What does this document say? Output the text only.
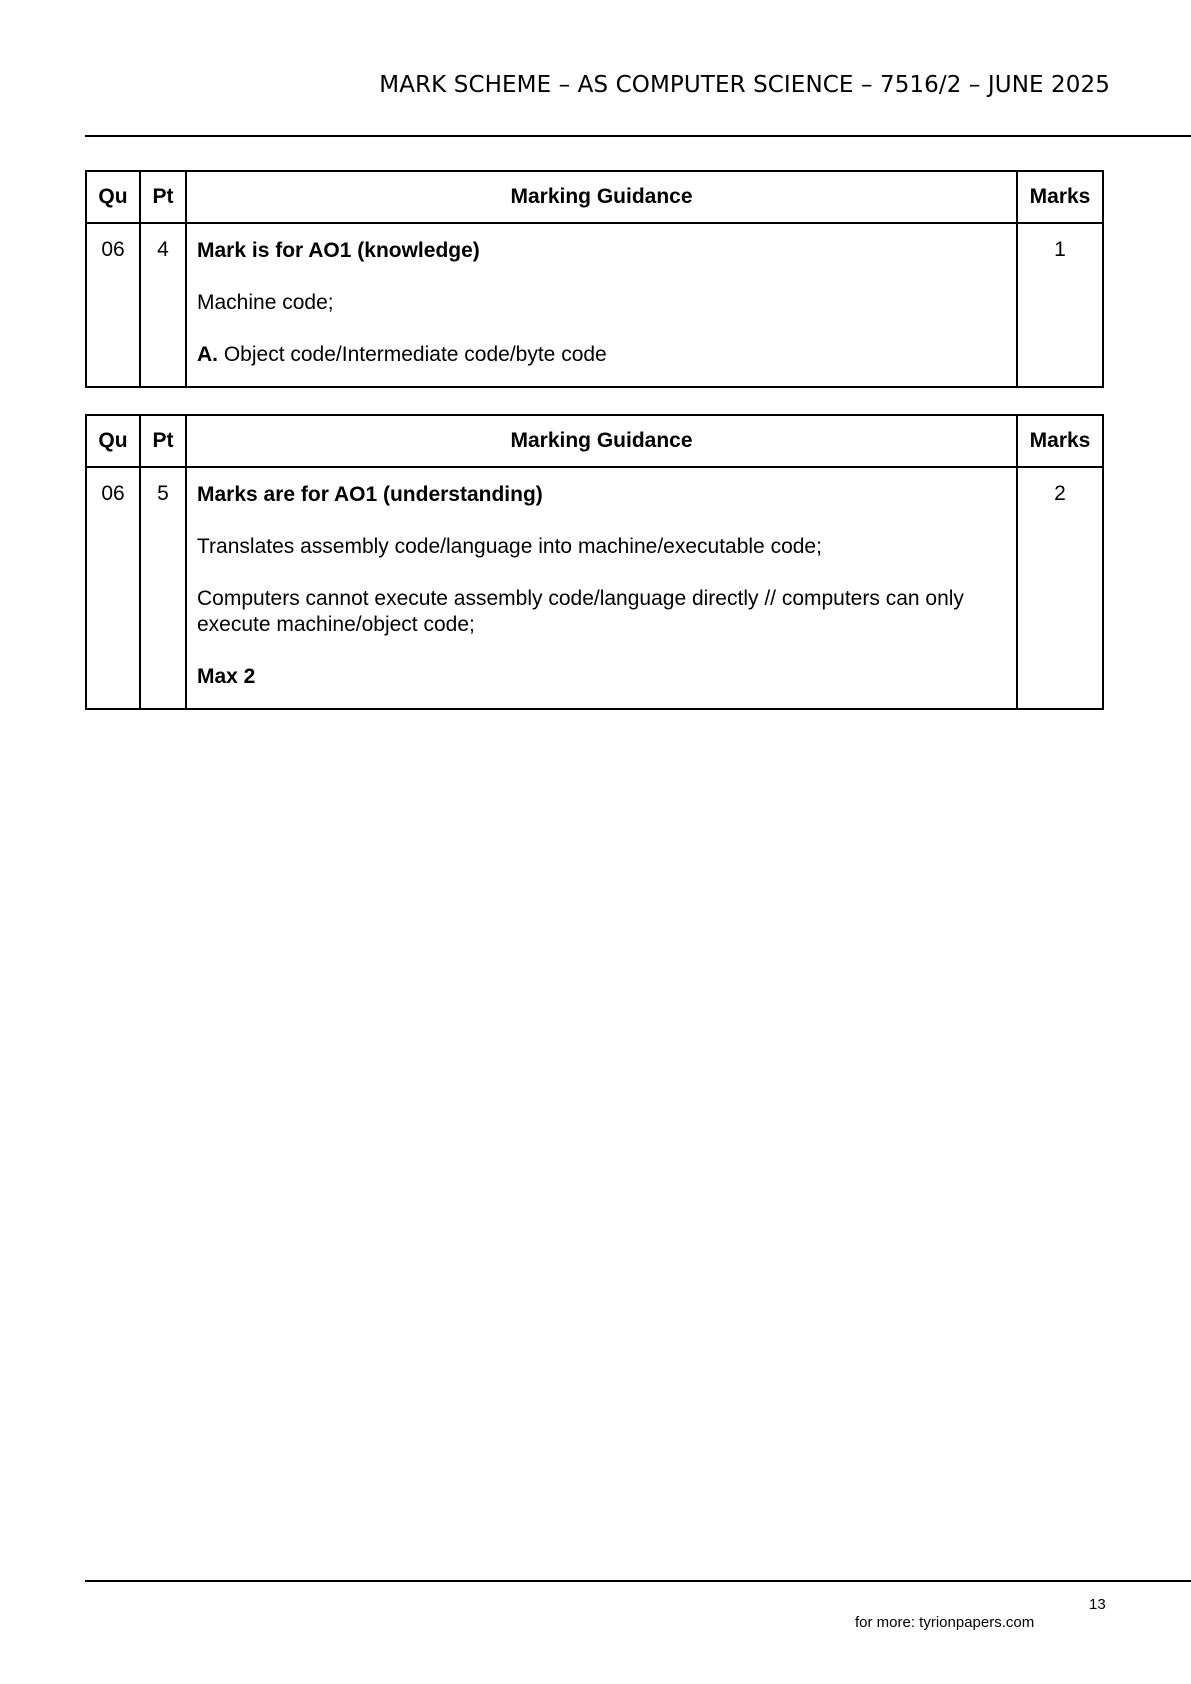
MARK SCHEME – AS COMPUTER SCIENCE – 7516/2 – JUNE 2025
Qu	Pt	Marking Guidance	Marks
06	4	Mark is for AO1 (knowledge)

Machine code;

A. Object code/Intermediate code/byte code	1
Qu	Pt	Marking Guidance	Marks
06	5	Marks are for AO1 (understanding)

Translates assembly code/language into machine/executable code;

Computers cannot execute assembly code/language directly // computers can only execute machine/object code;

Max 2	2
13
for more: tyrionpapers.com
